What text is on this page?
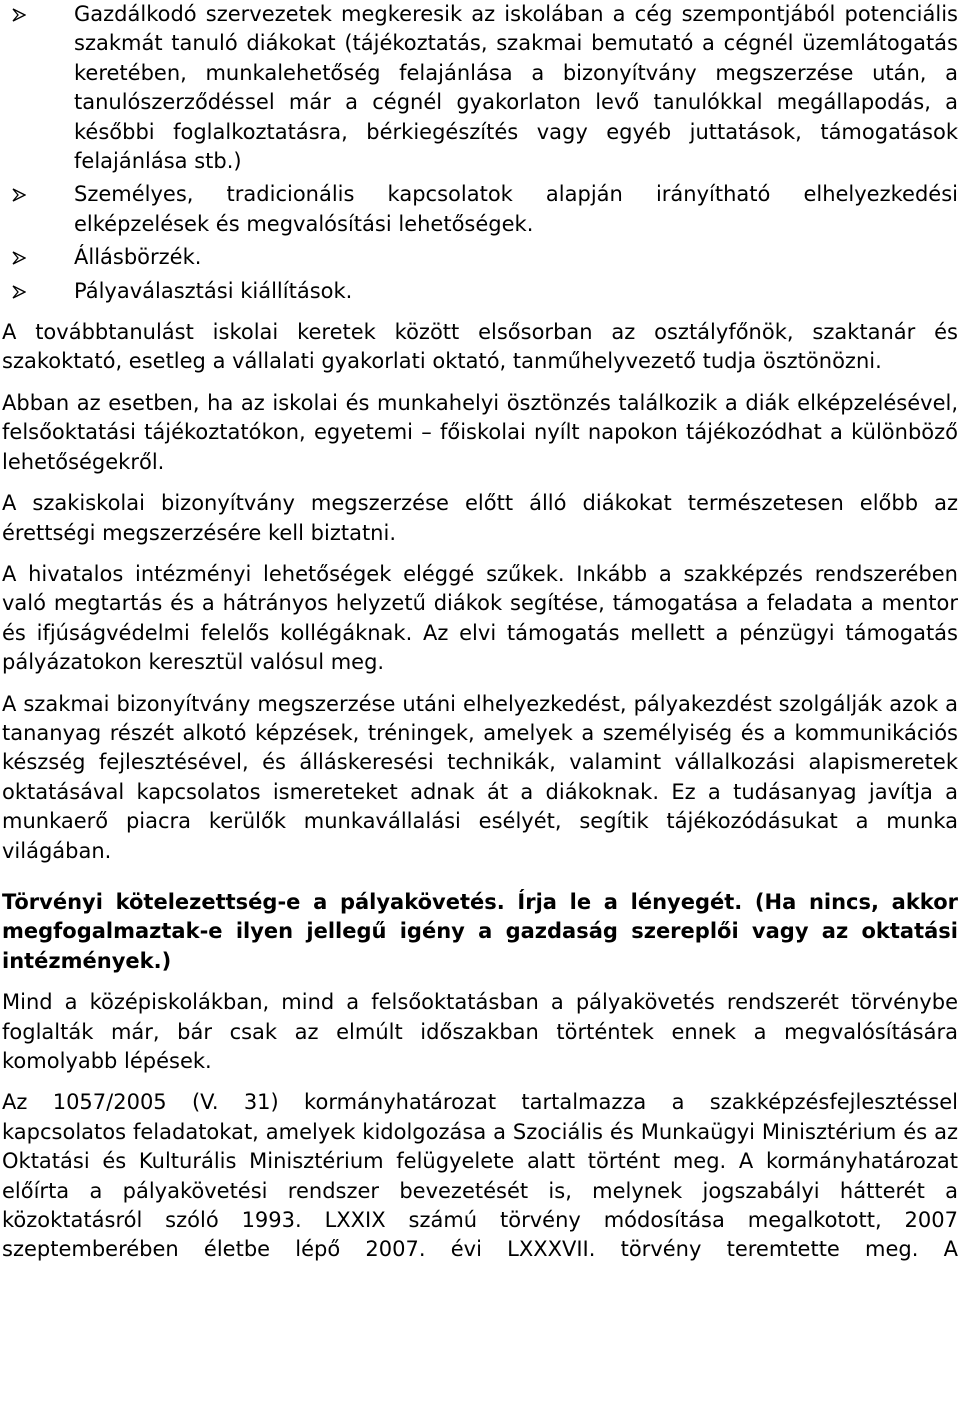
Gazdálkodó szervezetek megkeresik az iskolában a cég szempontjából potenciális szakmát tanuló diákokat (tájékoztatás, szakmai bemutató a cégnél üzemlátogatás keretében, munkalehetőség felajánlása a bizonyítvány megszerzése után, a tanulószerződéssel már a cégnél gyakorlaton levő tanulókkal megállapodás, a későbbi foglalkoztatásra, bérkiegészítés vagy egyéb juttatások, támogatások felajánlása stb.)
Személyes, tradicionális kapcsolatok alapján irányítható elhelyezkedési elképzelések és megvalósítási lehetőségek.
Állásbörzék.
Pályaválasztási kiállítások.

A továbbtanulást iskolai keretek között elsősorban az osztályfőnök, szaktanár és szakoktató, esetleg a vállalati gyakorlati oktató, tanműhelyvezető tudja ösztönözni.

Abban az esetben, ha az iskolai és munkahelyi ösztönzés találkozik a diák elképzelésével, felsőoktatási tájékoztatókon, egyetemi – főiskolai nyílt napokon tájékozódhat a különböző lehetőségekről.

A szakiskolai bizonyítvány megszerzése előtt álló diákokat természetesen előbb az érettségi megszerzésére kell biztatni.

A hivatalos intézményi lehetőségek eléggé szűkek. Inkább a szakképzés rendszerében való megtartás és a hátrányos helyzetű diákok segítése, támogatása a feladata a mentor és ifjúságvédelmi felelős kollégáknak. Az elvi támogatás mellett a pénzügyi támogatás pályázatokon keresztül valósul meg.

A szakmai bizonyítvány megszerzése utáni elhelyezkedést, pályakezdést szolgálják azok a tananyag részét alkotó képzések, tréningek, amelyek a személyiség és a kommunikációs készség fejlesztésével, és álláskeresési technikák, valamint vállalkozási alapismeretek oktatásával kapcsolatos ismereteket adnak át a diákoknak. Ez a tudásanyag javítja a munkaerő piacra kerülők munkavállalási esélyét, segítik tájékozódásukat a munka világában.

Törvényi kötelezettség-e a pályakövetés. Írja le a lényegét. (Ha nincs, akkor megfogalmaztak-e ilyen jellegű igény a gazdaság szereplői vagy az oktatási intézmények.)

Mind a középiskolákban, mind a felsőoktatásban a pályakövetés rendszerét törvénybe foglalták már, bár csak az elmúlt időszakban történtek ennek a megvalósítására komolyabb lépések.

Az 1057/2005 (V. 31) kormányhatározat tartalmazza a szakképzésfejlesztéssel kapcsolatos feladatokat, amelyek kidolgozása a Szociális és Munkaügyi Minisztérium és az Oktatási és Kulturális Minisztérium felügyelete alatt történt meg. A kormányhatározat előírta a pályakövetési rendszer bevezetését is, melynek jogszabályi hátterét a közoktatásról szóló 1993. LXXIX számú törvény módosítása megalkotott, 2007 szeptemberében életbe lépő 2007. évi LXXXVII. törvény teremtette meg. A
